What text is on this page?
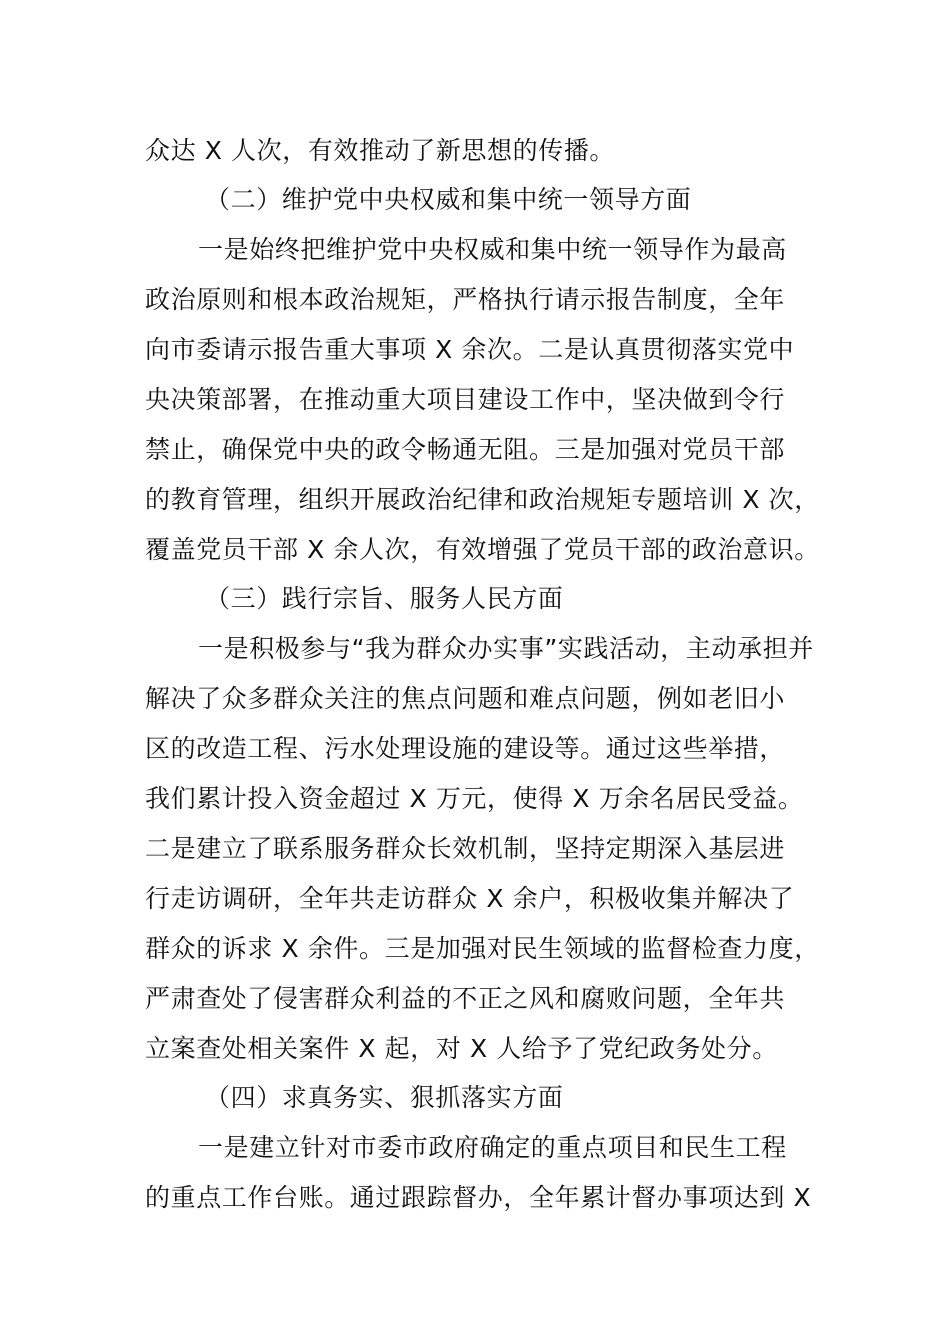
众达 X 人次，有效推动了新思想的传播。
（二）维护党中央权威和集中统一领导方面
一是始终把维护党中央权威和集中统一领导作为最高
政治原则和根本政治规矩，严格执行请示报告制度，全年
向市委请示报告重大事项 X 余次。二是认真贯彻落实党中
央决策部署，在推动重大项目建设工作中，坚决做到令行
禁止，确保党中央的政令畅通无阻。三是加强对党员干部
的教育管理，组织开展政治纪律和政治规矩专题培训 X 次，
覆盖党员干部 X 余人次，有效增强了党员干部的政治意识。
（三）践行宗旨、服务人民方面
一是积极参与“我为群众办实事”实践活动，主动承担并
解决了众多群众关注的焦点问题和难点问题，例如老旧小
区的改造工程、污水处理设施的建设等。通过这些举措，
我们累计投入资金超过 X 万元，使得 X 万余名居民受益。
二是建立了联系服务群众长效机制，坚持定期深入基层进
行走访调研，全年共走访群众 X 余户，积极收集并解决了
群众的诉求 X 余件。三是加强对民生领域的监督检查力度，
严肃查处了侵害群众利益的不正之风和腐败问题，全年共
立案查处相关案件 X 起，对 X 人给予了党纪政务处分。
（四）求真务实、狠抓落实方面
一是建立针对市委市政府确定的重点项目和民生工程
的重点工作台账。通过跟踪督办，全年累计督办事项达到 X
